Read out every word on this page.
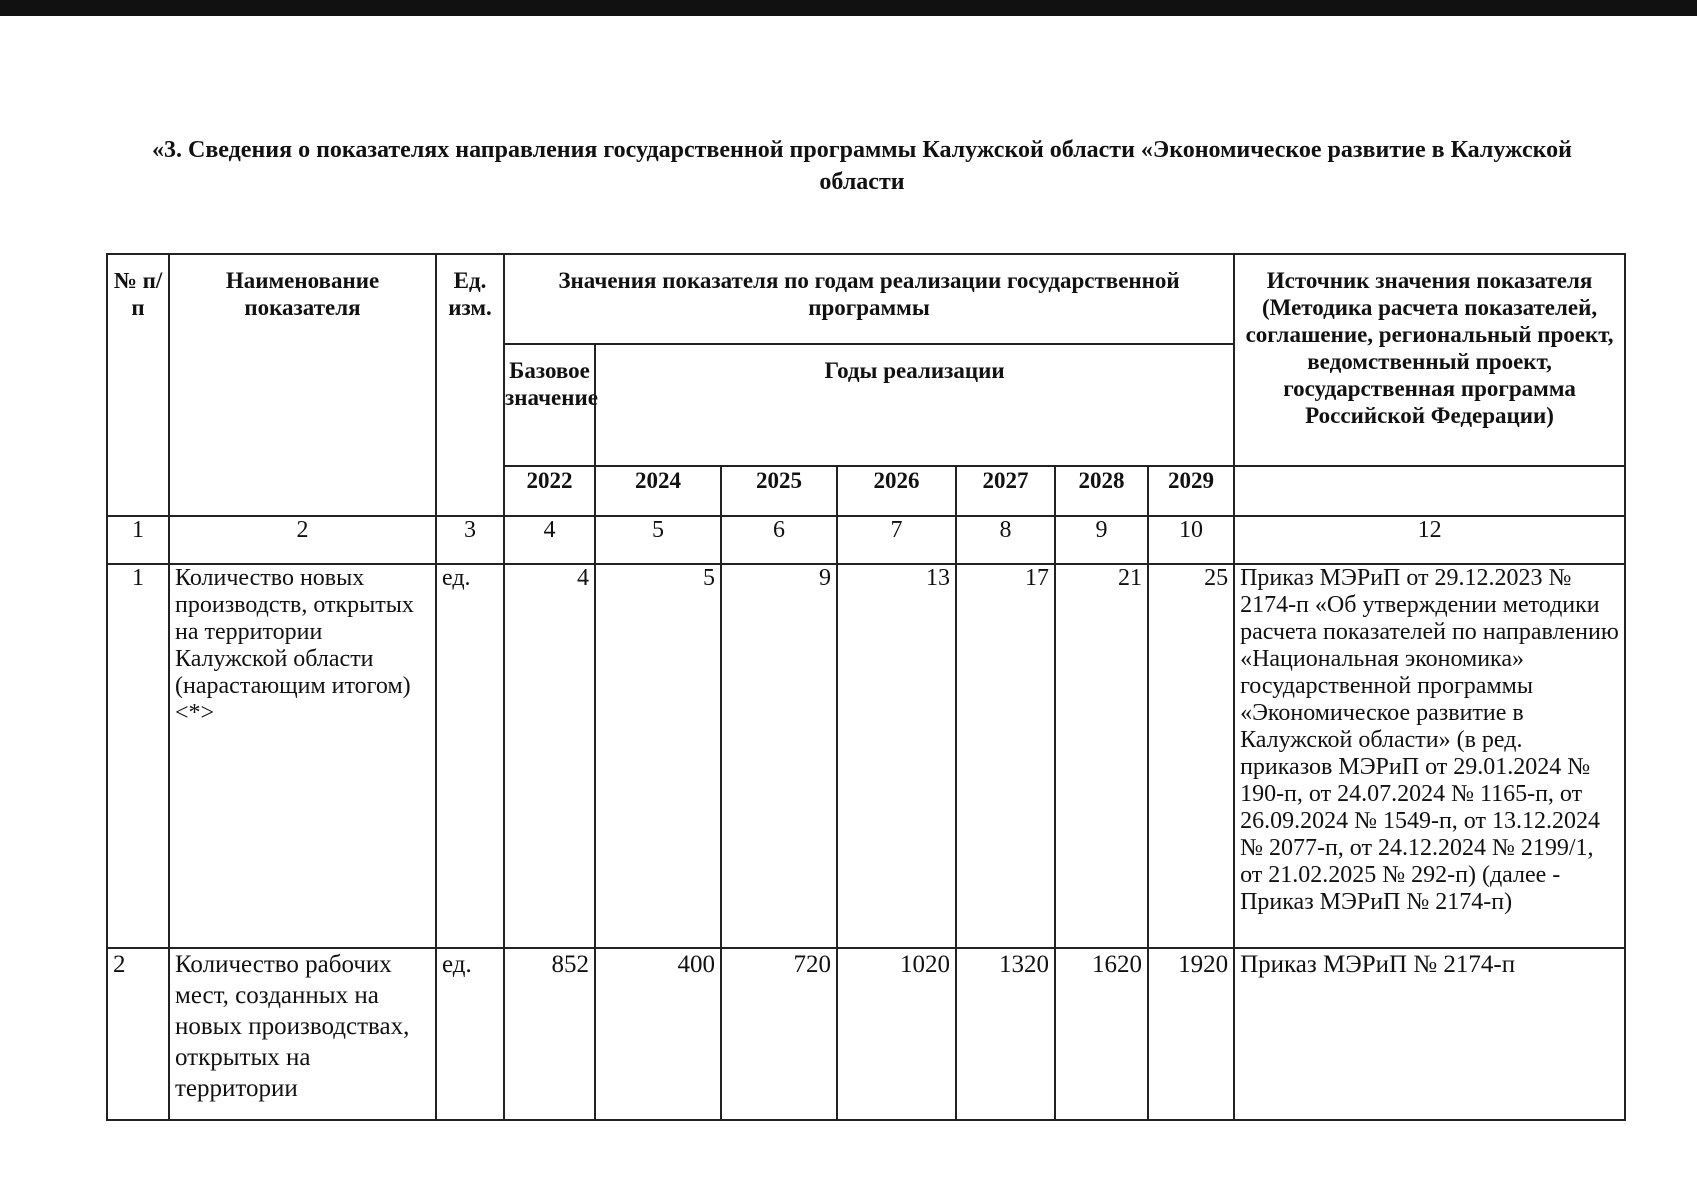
«3. Сведения о показателях направления государственной программы Калужской области «Экономическое развитие в Калужской области
№ п/п	Наименование показателя	Ед. изм.	Значения показателя по годам реализации государственной программы							Источник значения показателя (Методика расчета показателей, соглашение, региональный проект, ведомственный проект, государственная программа Российской Федерации)
			Базовое значение	Годы реализации						
			2022	2024	2025	2026	2027	2028	2029	
1	2	3	4	5	6	7	8	9	10	12
1	Количество новых производств, открытых на территории Калужской области (нарастающим итогом) <*>	ед.	4	5	9	13	17	21	25	Приказ МЭРиП от 29.12.2023 № 2174-п «Об утверждении методики расчета показателей по направлению «Национальная экономика» государственной программы «Экономическое развитие в Калужской области» (в ред. приказов МЭРиП от 29.01.2024 № 190-п, от 24.07.2024 № 1165-п, от 26.09.2024 № 1549-п, от 13.12.2024 № 2077-п, от 24.12.2024 № 2199/1, от 21.02.2025 № 292-п) (далее - Приказ МЭРиП № 2174-п)
2	Количество рабочих мест, созданных на новых производствах, открытых на территории	ед.	852	400	720	1020	1320	1620	1920	Приказ МЭРиП № 2174-п
